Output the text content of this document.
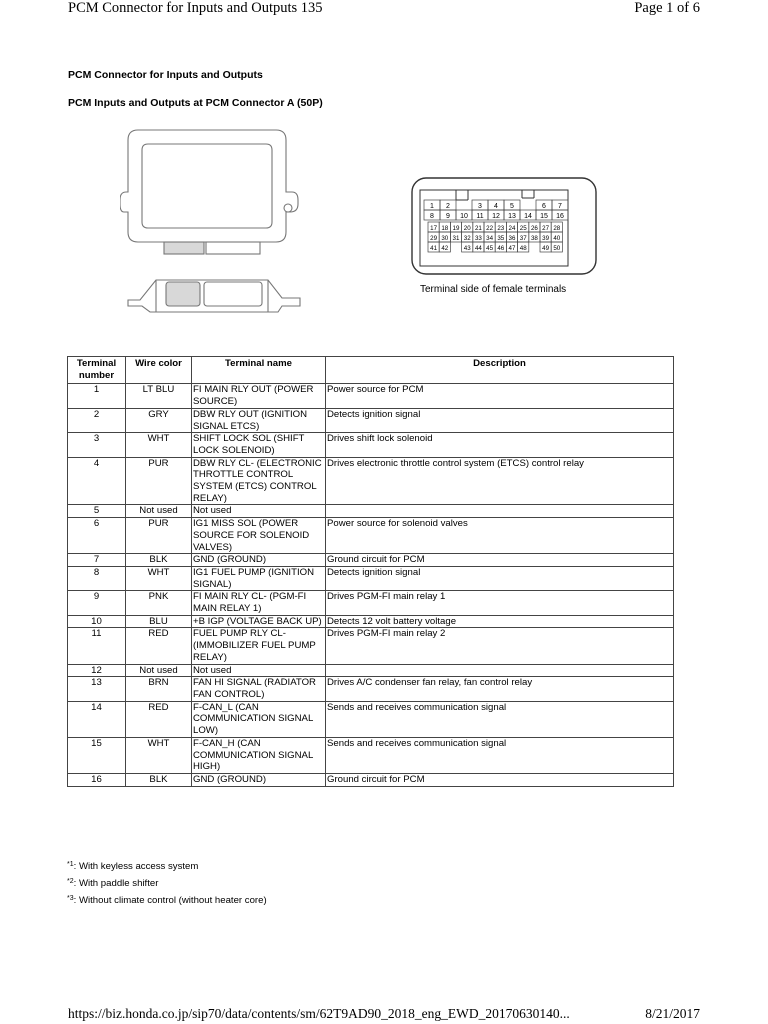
PCM Connector for Inputs and Outputs 135	Page 1 of 6
PCM Connector for Inputs and Outputs
PCM Inputs and Outputs at PCM Connector A (50P)
1 2	3 4 5	6 7
8 9 10 11 12 13 14 15 16
17 18 19 20 21 22 23 24 25 26 27 28
29 30 31 32 33 34 35 36 37 38 39 40
41 42	43 44 45 46 47 48	49 50
Terminal side of female terminals
Terminal number	Wire color	Terminal name	Description
1	LT BLU	FI MAIN RLY OUT (POWER SOURCE)	Power source for PCM
2	GRY	DBW RLY OUT (IGNITION SIGNAL ETCS)	Detects ignition signal
3	WHT	SHIFT LOCK SOL (SHIFT LOCK SOLENOID)	Drives shift lock solenoid
4	PUR	DBW RLY CL- (ELECTRONIC THROTTLE CONTROL SYSTEM (ETCS) CONTROL RELAY)	Drives electronic throttle control system (ETCS) control relay
5	Not used	Not used	
6	PUR	IG1 MISS SOL (POWER SOURCE FOR SOLENOID VALVES)	Power source for solenoid valves
7	BLK	GND (GROUND)	Ground circuit for PCM
8	WHT	IG1 FUEL PUMP (IGNITION SIGNAL)	Detects ignition signal
9	PNK	FI MAIN RLY CL- (PGM-FI MAIN RELAY 1)	Drives PGM-FI main relay 1
10	BLU	+B IGP (VOLTAGE BACK UP)	Detects 12 volt battery voltage
11	RED	FUEL PUMP RLY CL- (IMMOBILIZER FUEL PUMP RELAY)	Drives PGM-FI main relay 2
12	Not used	Not used	
13	BRN	FAN HI SIGNAL (RADIATOR FAN CONTROL)	Drives A/C condenser fan relay, fan control relay
14	RED	F-CAN_L (CAN COMMUNICATION SIGNAL LOW)	Sends and receives communication signal
15	WHT	F-CAN_H (CAN COMMUNICATION SIGNAL HIGH)	Sends and receives communication signal
16	BLK	GND (GROUND)	Ground circuit for PCM
$^{*1}$: With keyless access system
$^{*2}$: With paddle shifter
$^{*3}$: Without climate control (without heater core)
https://biz.honda.co.jp/sip70/data/contents/sm/62T9AD90_2018_eng_EWD_20170630140...	8/21/2017
